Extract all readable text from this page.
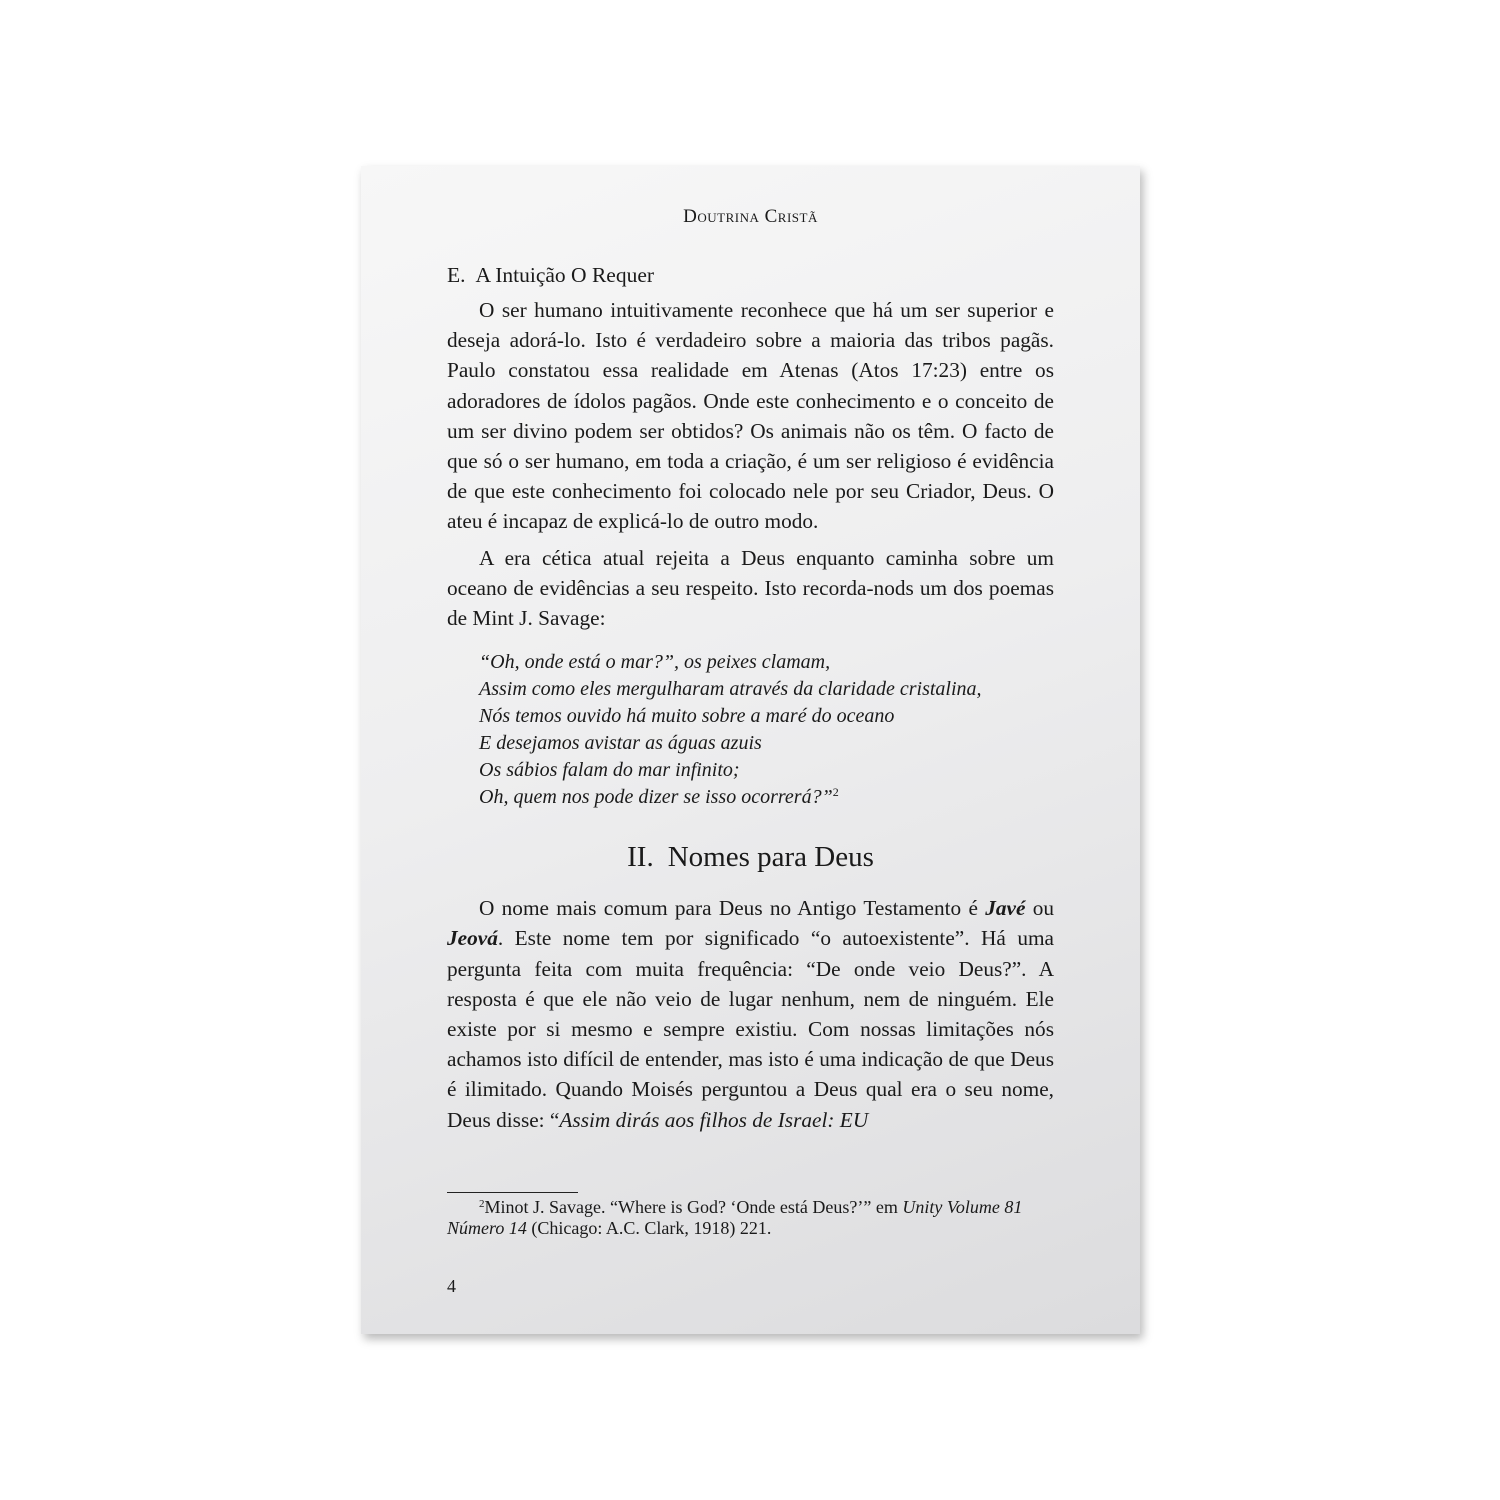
Doutrina Cristã

E. A Intuição O Requer

O ser humano intuitivamente reconhece que há um ser superior e deseja adorá-lo. Isto é verdadeiro sobre a maioria das tribos pagãs. Paulo constatou essa realidade em Atenas (Atos 17:23) entre os adoradores de ídolos pagãos. Onde este conhecimento e o conceito de um ser divino podem ser obtidos? Os animais não os têm. O facto de que só o ser humano, em toda a criação, é um ser religioso é evidência de que este conhecimento foi colocado nele por seu Criador, Deus. O ateu é incapaz de explicá-lo de outro modo.

A era cética atual rejeita a Deus enquanto caminha sobre um oceano de evidências a seu respeito. Isto recorda-nods um dos poemas de Mint J. Savage:

“Oh, onde está o mar?”, os peixes clamam,
Assim como eles mergulharam através da claridade cristalina,
Nós temos ouvido há muito sobre a maré do oceano
E desejamos avistar as águas azuis
Os sábios falam do mar infinito;
Oh, quem nos pode dizer se isso ocorrerá?”$^2$
II. Nomes para Deus

O nome mais comum para Deus no Antigo Testamento é Javé ou Jeová. Este nome tem por significado “o autoexistente”. Há uma pergunta feita com muita frequência: “De onde veio Deus?”. A resposta é que ele não veio de lugar nenhum, nem de ninguém. Ele existe por si mesmo e sempre existiu. Com nossas limitações nós achamos isto difícil de entender, mas isto é uma indicação de que Deus é ilimitado. Quando Moisés perguntou a Deus qual era o seu nome, Deus disse: “Assim dirás aos filhos de Israel: EU

$^2$Minot J. Savage. “Where is God? ‘Onde está Deus?’” em Unity Volume 81 Número 14 (Chicago: A.C. Clark, 1918) 221.

4
